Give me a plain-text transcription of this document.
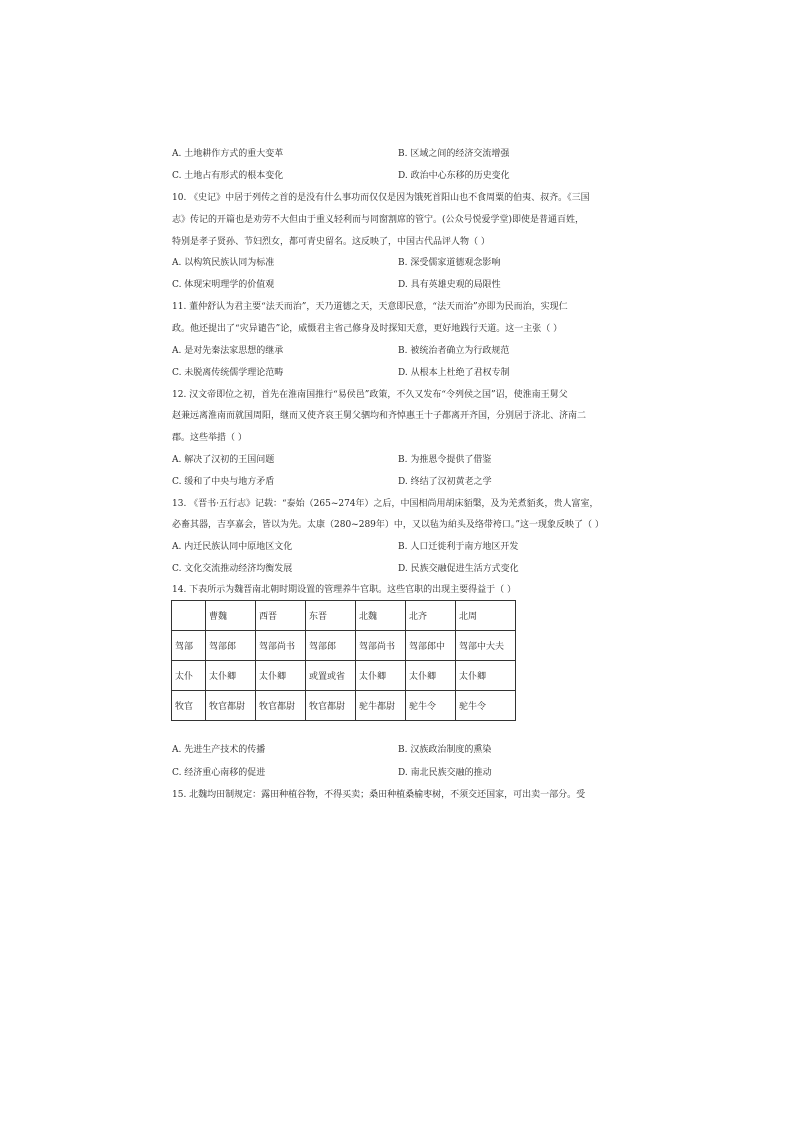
A. 土地耕作方式的重大变革	B. 区域之间的经济交流增强
C. 土地占有形式的根本变化	D. 政治中心东移的历史变化
10. 《史记》中居于列传之首的是没有什么事功而仅仅是因为饿死首阳山也不食周粟的伯夷、叔齐。《三国
志》传记的开篇也是劝劳不大但由于重义轻利而与同窗割席的管宁。(公众号悦爱学堂)即使是普通百姓，
特别是孝子贤孙、节妇烈女，都可青史留名。这反映了，中国古代品评人物（ ）
A. 以构筑民族认同为标准	B. 深受儒家道德观念影响
C. 体现宋明理学的价值观	D. 具有英雄史观的局限性
11. 董仲舒认为君主要“法天而治”，天乃道德之天，天意即民意，“法天而治”亦即为民而治，实现仁
政。他还提出了“灾异谴告”论，威慑君主省己修身及时探知天意，更好地践行天道。这一主张（ ）
A. 是对先秦法家思想的继承	B. 被统治者确立为行政规范
C. 未脱离传统儒学理论范畴	D. 从根本上杜绝了君权专制
12. 汉文帝即位之初，首先在淮南国推行“易侯邑”政策，不久又发布“令列侯之国”诏，使淮南王舅父
赵兼远离淮南而就国周阳，继而又使齐哀王舅父驷均和齐悼惠王十子都离开齐国，分别居于济北、济南二
郡。这些举措（ ）
A. 解决了汉初的王国问题	B. 为推恩令提供了借鉴
C. 缓和了中央与地方矛盾	D. 终结了汉初黄老之学
13. 《晋书·五行志》记载：“泰始（265~274年）之后，中国相尚用胡床貊槃，及为羌煮貊炙，贵人富室，
必畜其器，吉享嘉会，皆以为先。太康（280~289年）中，又以毡为絈头及络带袴口。”这一现象反映了（ ）
A. 内迁民族认同中原地区文化	B. 人口迁徙利于南方地区开发
C. 文化交流推动经济均衡发展	D. 民族交融促进生活方式变化
14. 下表所示为魏晋南北朝时期设置的管理养牛官职。这些官职的出现主要得益于（ ）
	曹魏	西晋	东晋	北魏	北齐	北周
驾部	驾部郎	驾部尚书	驾部郎	驾部尚书	驾部郎中	驾部中大夫
太仆	太仆卿	太仆卿	或置或省	太仆卿	太仆卿	太仆卿
牧官	牧官都尉	牧官都尉	牧官都尉	驼牛都尉	驼牛令	驼牛令
A. 先进生产技术的传播	B. 汉族政治制度的熏染
C. 经济重心南移的促进	D. 南北民族交融的推动
15. 北魏均田制规定：露田种植谷物，不得买卖；桑田种植桑榆枣树，不须交还国家，可出卖一部分。受
